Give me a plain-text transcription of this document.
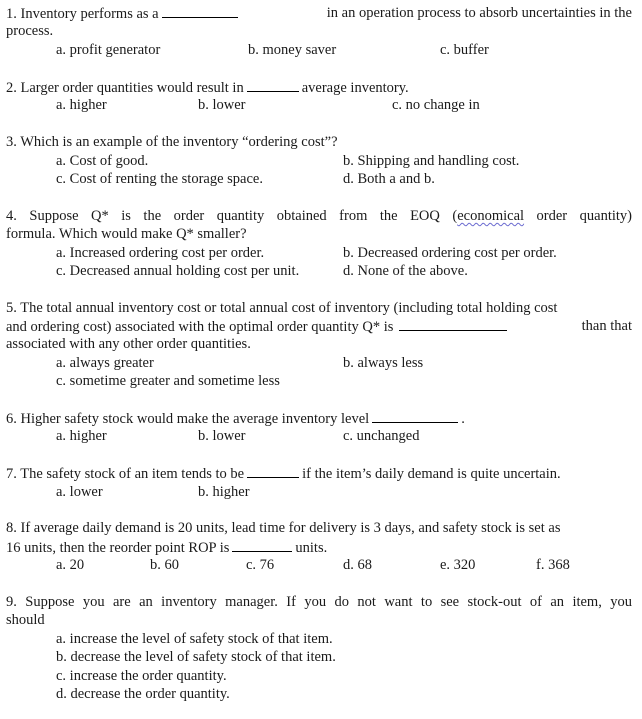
1. Inventory performs as a	in an operation process to absorb uncertainties in the
process.
a. profit generator	b. money saver	c. buffer
2. Larger order quantities would result in	average inventory.
a. higher	b. lower	c. no change in
3. Which is an example of the inventory “ordering cost”?
a. Cost of good.	b. Shipping and handling cost.
c. Cost of renting the storage space.	d. Both a and b.
4. Suppose Q* is the order quantity obtained from the EOQ (economical order quantity)
formula. Which would make Q* smaller?
a. Increased ordering cost per order.	b. Decreased ordering cost per order.
c. Decreased annual holding cost per unit.	d. None of the above.
5. The total annual inventory cost or total annual cost of inventory (including total holding cost
and ordering cost) associated with the optimal order quantity Q* is	than that
associated with any other order quantities.
a. always greater	b. always less
c. sometime greater and sometime less
6. Higher safety stock would make the average inventory level	.
a. higher	b. lower	c. unchanged
7. The safety stock of an item tends to be	if the item’s daily demand is quite uncertain.
a. lower	b. higher
8. If average daily demand is 20 units, lead time for delivery is 3 days, and safety stock is set as
16 units, then the reorder point ROP is	units.
a. 20	b. 60	c. 76	d. 68	e. 320	f. 368
9. Suppose you are an inventory manager. If you do not want to see stock-out of an item, you
should
a. increase the level of safety stock of that item.
b. decrease the level of safety stock of that item.
c. increase the order quantity.
d. decrease the order quantity.
